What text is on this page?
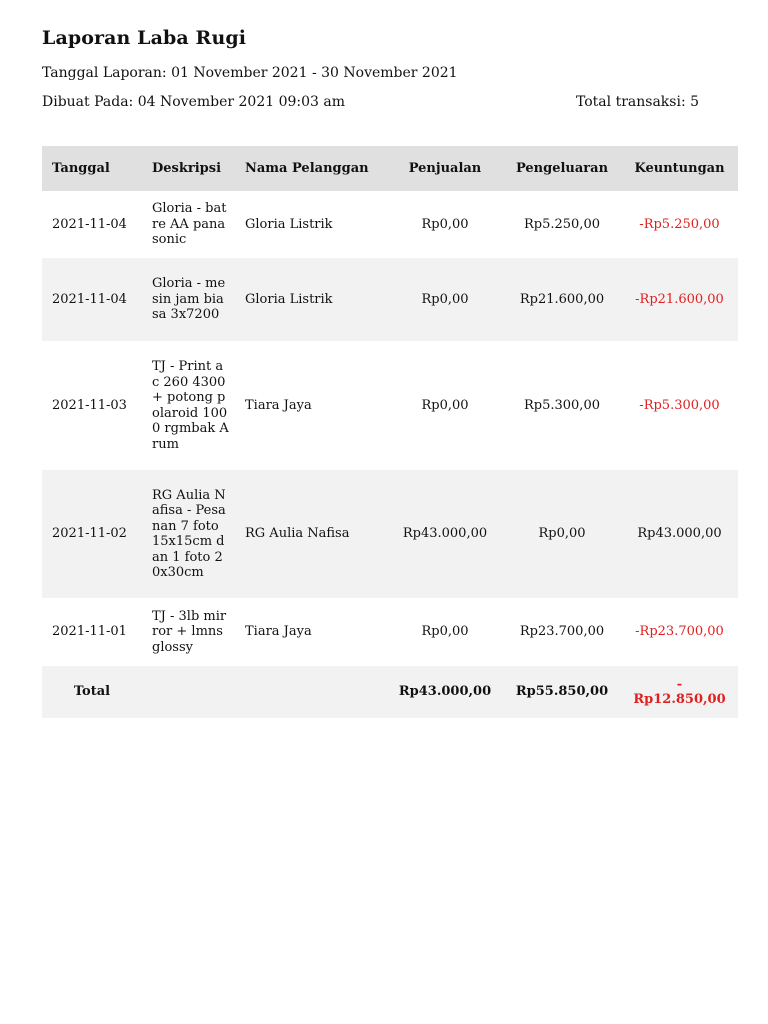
Laporan Laba Rugi

Tanggal Laporan: 01 November 2021 - 30 November 2021

Dibuat Pada: 04 November 2021 09:03 am	Total transaksi: 5

Tanggal	Deskripsi	Nama Pelanggan	Penjualan	Pengeluaran	Keuntungan
2021-11-04	Gloria - batre AA panasonic	Gloria Listrik	Rp0,00	Rp5.250,00	-Rp5.250,00
2021-11-04	Gloria - mesin jam biasa 3x7200	Gloria Listrik	Rp0,00	Rp21.600,00	-Rp21.600,00
2021-11-03	TJ - Print ac 260 4300 + potong polaroid 1000 rgmbak Arum	Tiara Jaya	Rp0,00	Rp5.300,00	-Rp5.300,00
2021-11-02	RG Aulia Nafisa - Pesanan 7 foto 15x15cm dan 1 foto 20x30cm	RG Aulia Nafisa	Rp43.000,00	Rp0,00	Rp43.000,00
2021-11-01	TJ - 3lb mirror + lmns glossy	Tiara Jaya	Rp0,00	Rp23.700,00	-Rp23.700,00
Total			Rp43.000,00	Rp55.850,00	-Rp12.850,00
